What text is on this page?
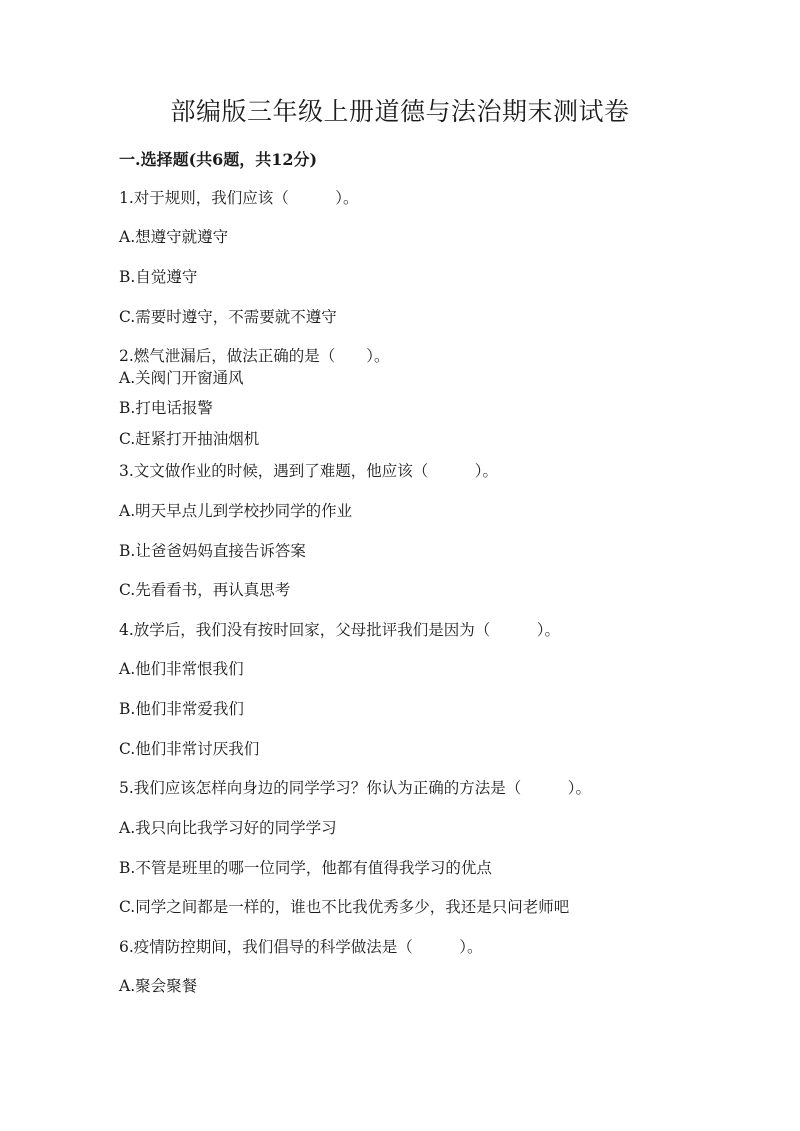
部编版三年级上册道德与法治期末测试卷
一.选择题(共6题，共12分)
1.对于规则，我们应该（　　　）。
A.想遵守就遵守
B.自觉遵守
C.需要时遵守，不需要就不遵守
2.燃气泄漏后，做法正确的是（　　）。
A.关阀门开窗通风
B.打电话报警
C.赶紧打开抽油烟机
3.文文做作业的时候，遇到了难题，他应该（　　　）。
A.明天早点儿到学校抄同学的作业
B.让爸爸妈妈直接告诉答案
C.先看看书，再认真思考
4.放学后，我们没有按时回家，父母批评我们是因为（　　　）。
A.他们非常恨我们
B.他们非常爱我们
C.他们非常讨厌我们
5.我们应该怎样向身边的同学学习？你认为正确的方法是（　　　）。
A.我只向比我学习好的同学学习
B.不管是班里的哪一位同学，他都有值得我学习的优点
C.同学之间都是一样的，谁也不比我优秀多少，我还是只问老师吧
6.疫情防控期间，我们倡导的科学做法是（　　　）。
A.聚会聚餐
